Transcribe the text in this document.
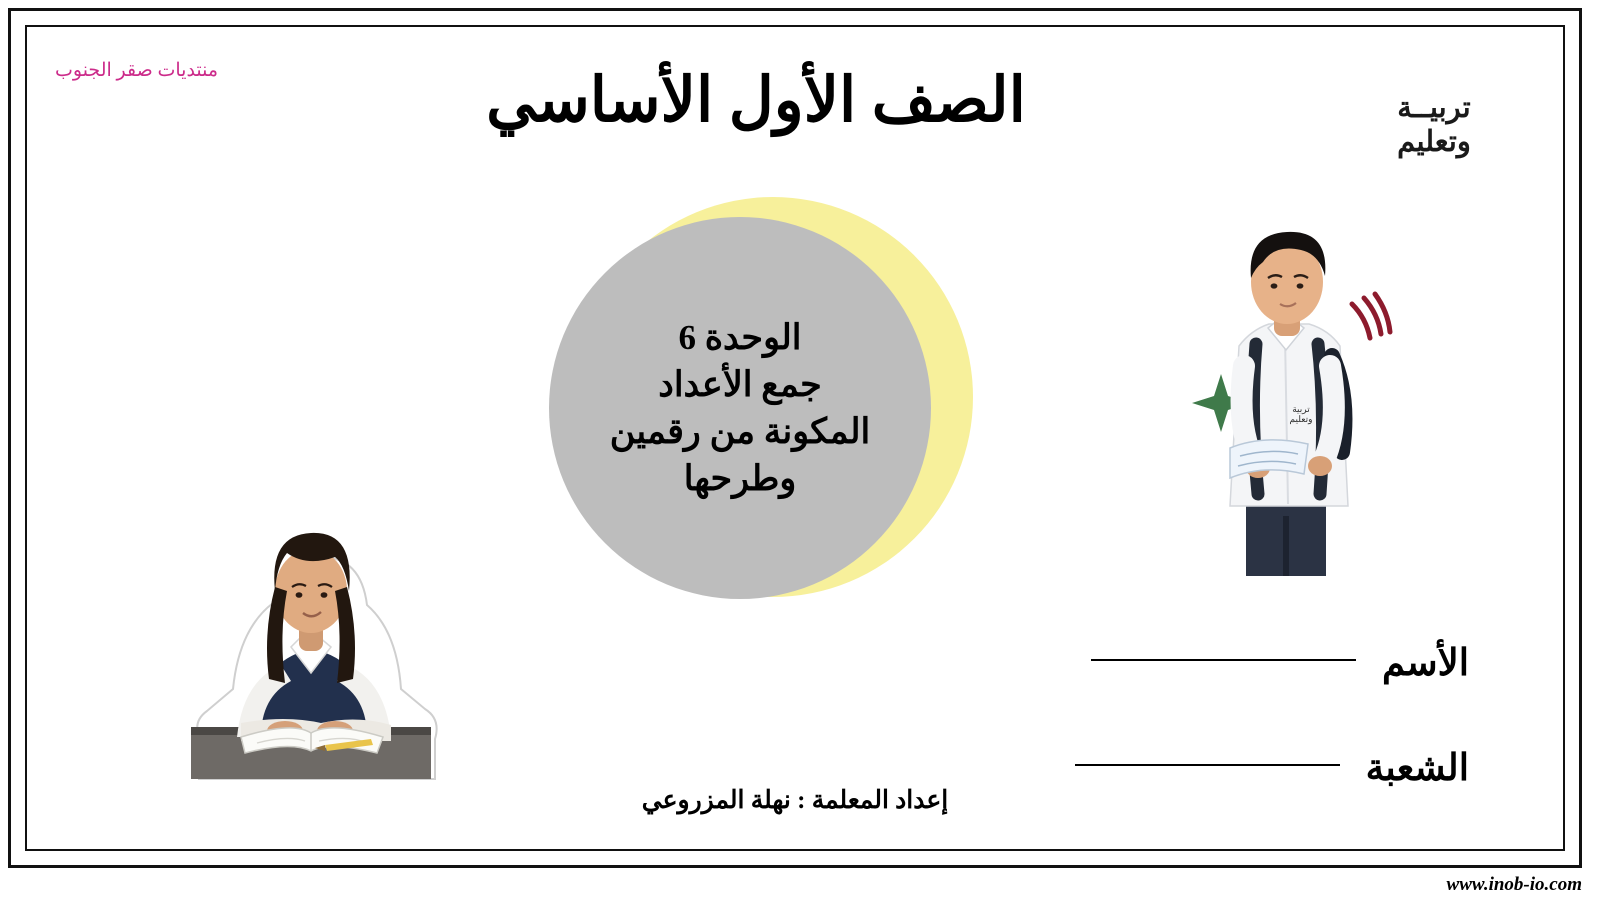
منتديات صقر الجنوب	الصف الأول الأساسي	تربيــة
وتعليم
الوحدة 6
جمع الأعداد
المكونة من رقمين
وطرحها
تربية
وتعليم
الأسم
الشعبة
إعداد المعلمة : نهلة المزروعي
www.inob-io.com
